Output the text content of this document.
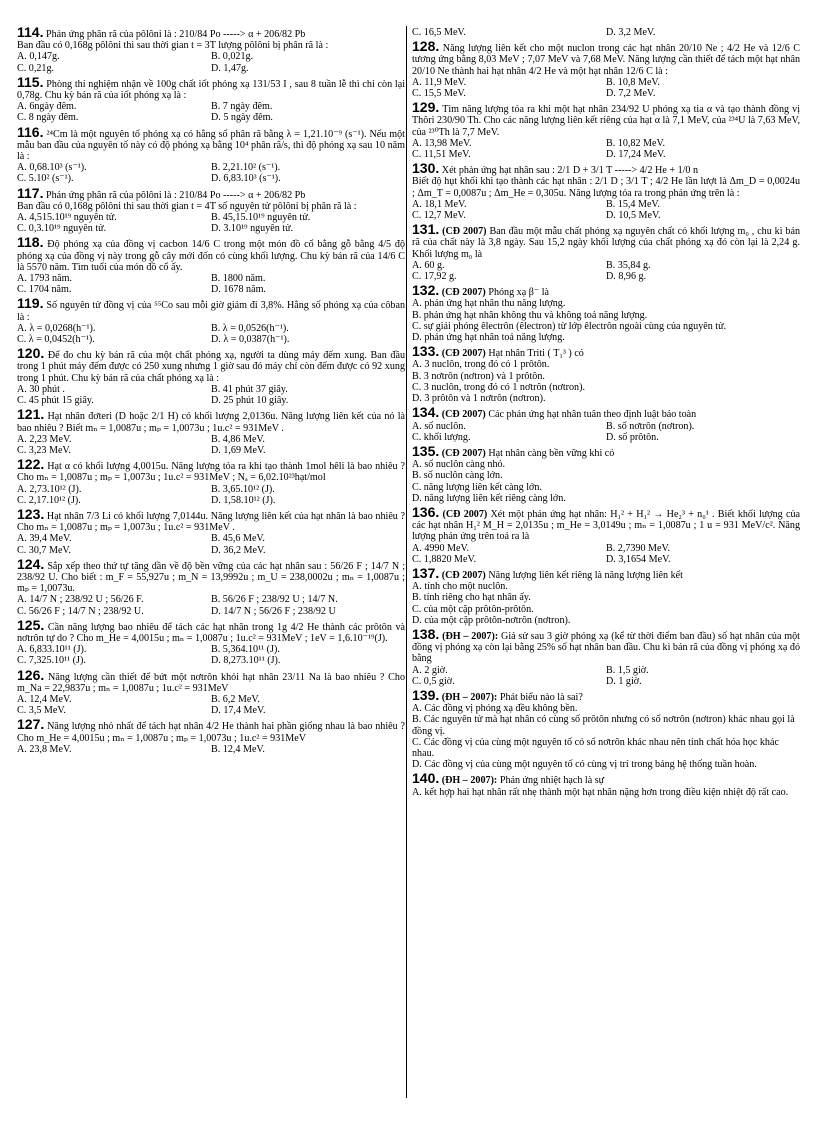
114. Phản ứng phân rã của pôlôni là : 210/84 Po -----> α + 206/82 Pb
Ban đầu có 0,168g pôlôni thì sau thời gian t = 3T lượng pôlôni bị phân rã là :
A. 0,147g.	B. 0,021g.
C. 0,21g.	D. 1,47g.
115. Phòng thí nghiệm nhận về 100g chất iốt phóng xạ 131/53 I , sau 8 tuần lễ thì chỉ còn lại 0,78g. Chu kỳ bán rã của iốt phóng xạ là :
A. 6ngày đêm.	B. 7 ngày đêm.
C. 8 ngày đêm.	D. 5 ngày đêm.
116. ²⁴Cm là một nguyên tố phóng xạ có hằng số phân rã bằng λ = 1,21.10⁻⁹ (s⁻¹). Nếu một mẫu ban đầu của nguyên tố này có độ phóng xạ bằng 10⁴ phân rã/s, thì độ phóng xạ sau 10 năm là :
A. 0,68.10³ (s⁻¹).	B. 2,21.10² (s⁻¹).
C. 5.10² (s⁻¹).	D. 6,83.10³ (s⁻¹).
117. Phản ứng phân rã của pôlôni là : 210/84 Po -----> α + 206/82 Pb
Ban đầu có 0,168g pôlôni thì sau thời gian t = 4T số nguyên tử pôlôni bị phân rã là :
A. 4,515.10¹⁹ nguyên tử.	B. 45,15.10¹⁹ nguyên tử.
C. 0,3.10¹⁹ nguyên tử.	D. 3.10¹⁹ nguyên tử.
118. Độ phóng xạ của đồng vị cacbon 14/6 C trong một món đồ cổ bằng gỗ bằng 4/5 độ phóng xạ của đồng vị này trong gỗ cây mới đốn có cùng khối lượng. Chu kỳ bán rã của 14/6 C là 5570 năm. Tìm tuổi của món đồ cổ ấy.
A. 1793 năm.	B. 1800 năm.
C. 1704 năm.	D. 1678 năm.
119. Số nguyên tử đồng vị của ⁵⁵Co sau mỗi giờ giảm đi 3,8%. Hằng số phóng xạ của côban là :
A. λ = 0,0268(h⁻¹).	B. λ = 0,0526(h⁻¹).
C. λ = 0,0452(h⁻¹).	D. λ = 0,0387(h⁻¹).
120. Để đo chu kỳ bán rã của một chất phóng xạ, người ta dùng máy đếm xung. Ban đầu trong 1 phút máy đếm được có 250 xung nhưng 1 giờ sau đó máy chỉ còn đếm được có 92 xung trong 1 phút. Chu kỳ bán rã của chất phóng xạ là :
A. 30 phút .	B. 41 phút 37 giây.
C. 45 phút 15 giây.	D. 25 phút 10 giây.
121. Hạt nhân đơteri (D hoặc 2/1 H) có khối lượng 2,0136u. Năng lượng liên kết của nó là bao nhiêu ? Biết mₙ = 1,0087u ; mₚ = 1,0073u ; 1u.c² = 931MeV .
A. 2,23 MeV.	B. 4,86 MeV.
C. 3,23 MeV.	D. 1,69 MeV.
122. Hạt α có khối lượng 4,0015u. Năng lượng tỏa ra khi tạo thành 1mol hêli là bao nhiêu ? Cho mₙ = 1,0087u ; mₚ = 1,0073u ; 1u.c² = 931MeV ; Nₐ = 6,02.10²³hạt/mol
A. 2,73.10¹² (J).	B. 3,65.10¹² (J).
C. 2,17.10¹² (J).	D. 1,58.10¹² (J).
123. Hạt nhân 7/3 Li có khối lượng 7,0144u. Năng lượng liên kết của hạt nhân là bao nhiêu ? Cho mₙ = 1,0087u ; mₚ = 1,0073u ; 1u.c² = 931MeV .
A. 39,4 MeV.	B. 45,6 MeV.
C. 30,7 MeV.	D. 36,2 MeV.
124. Sắp xếp theo thứ tự tăng dần về độ bền vững của các hạt nhân sau : 56/26 F ; 14/7 N ; 238/92 U. Cho biết : m_F = 55,927u ; m_N = 13,9992u ; m_U = 238,0002u ; mₙ = 1,0087u ; mₚ = 1,0073u.
A. 14/7 N ; 238/92 U ; 56/26 F.	B. 56/26 F ; 238/92 U ; 14/7 N.
C. 56/26 F ; 14/7 N ; 238/92 U.	D. 14/7 N ; 56/26 F ; 238/92 U
125. Cần năng lượng bao nhiêu để tách các hạt nhân trong 1g 4/2 He thành các prôtôn và nơtrôn tự do ? Cho m_He = 4,0015u ; mₙ = 1,0087u ; 1u.c² = 931MeV ; 1eV = 1,6.10⁻¹⁹(J).
A. 6,833.10¹¹ (J).	B. 5,364.10¹¹ (J).
C. 7,325.10¹¹ (J).	D. 8,273.10¹¹ (J).
126. Năng lượng cần thiết để bứt một nơtrôn khỏi hạt nhân 23/11 Na là bao nhiêu ? Cho m_Na = 22,9837u ; mₙ = 1,0087u ; 1u.c² = 931MeV
A. 12,4 MeV.	B. 6,2 MeV.
C. 3,5 MeV.	D. 17,4 MeV.
127. Năng lượng nhỏ nhất để tách hạt nhân 4/2 He thành hai phần giống nhau là bao nhiêu ? Cho m_He = 4,0015u ; mₙ = 1,0087u ; mₚ = 1,0073u ; 1u.c² = 931MeV
A. 23,8 MeV.	B. 12,4 MeV.
C. 16,5 MeV.	D. 3,2 MeV.
128. Năng lượng liên kết cho một nuclon trong các hạt nhân 20/10 Ne ; 4/2 He và 12/6 C tương ứng bằng 8,03 MeV ; 7,07 MeV và 7,68 MeV. Năng lượng cần thiết để tách một hạt nhân 20/10 Ne thành hai hạt nhân 4/2 He và một hạt nhân 12/6 C là :
A. 11,9 MeV.	B. 10,8 MeV.
C. 15,5 MeV.	D. 7,2 MeV.
129. Tìm năng lượng tỏa ra khi một hạt nhân 234/92 U phóng xạ tia α và tạo thành đồng vị Thôri 230/90 Th. Cho các năng lượng liên kết riêng của hạt α là 7,1 MeV, của ²³⁴U là 7,63 MeV, của ²³⁰Th là 7,7 MeV.
A. 13,98 MeV.	B. 10,82 MeV.
C. 11,51 MeV.	D. 17,24 MeV.
130. Xét phản ứng hạt nhân sau : 2/1 D + 3/1 T -----> 4/2 He + 1/0 n
Biết độ hụt khối khi tạo thành các hạt nhân : 2/1 D ; 3/1 T ; 4/2 He lần lượt là Δm_D = 0,0024u ; Δm_T = 0,0087u ; Δm_He = 0,305u. Năng lượng tỏa ra trong phản ứng trên là :
A. 18,1 MeV.	B. 15,4 MeV.
C. 12,7 MeV.	D. 10,5 MeV.
131. (CĐ 2007) Ban đầu một mẫu chất phóng xạ nguyên chất có khối lượng m₀ , chu kì bán rã của chất này là 3,8 ngày. Sau 15,2 ngày khối lượng của chất phóng xạ đó còn lại là 2,24 g. Khối lượng m₀ là
A. 60 g.	B. 35,84 g.
C. 17,92 g.	D. 8,96 g.
132. (CĐ 2007) Phóng xạ β⁻ là
A. phản ứng hạt nhân thu năng lượng.
B. phản ứng hạt nhân không thu và không toả năng lượng.
C. sự giải phóng êlectrôn (êlectron) từ lớp êlectrôn ngoài cùng của nguyên tử.
D. phản ứng hạt nhân toả năng lượng.
133. (CĐ 2007) Hạt nhân Triti ( T₁³ ) có
A. 3 nuclôn, trong đó có 1 prôtôn.
B. 3 nơtrôn (nơtron) và 1 prôtôn.
C. 3 nuclôn, trong đó có 1 nơtrôn (nơtron).
D. 3 prôtôn và 1 nơtrôn (nơtron).
134. (CĐ 2007) Các phản ứng hạt nhân tuân theo định luật bảo toàn
A. số nuclôn.	B. số nơtrôn (nơtron).
C. khối lượng.	D. số prôtôn.
135. (CĐ 2007) Hạt nhân càng bền vững khi có
A. số nuclôn càng nhỏ.
B. số nuclôn càng lớn.
C. năng lượng liên kết càng lớn.
D. năng lượng liên kết riêng càng lớn.
136. (CĐ 2007) Xét một phản ứng hạt nhân: H₁² + H₁² → He₂³ + n₀¹ . Biết khối lượng của các hạt nhân H₁² M_H = 2,0135u ; m_He = 3,0149u ; mₙ = 1,0087u ; 1 u = 931 MeV/c². Năng lượng phản ứng trên toả ra là
A. 4990 MeV.	B. 2,7390 MeV.
C. 1,8820 MeV.	D. 3,1654 MeV.
137. (CĐ 2007) Năng lượng liên kết riêng là năng lượng liên kết
A. tính cho một nuclôn.
B. tính riêng cho hạt nhân ấy.
C. của một cặp prôtôn-prôtôn.
D. của một cặp prôtôn-nơtrôn (nơtron).
138. (ĐH – 2007): Giả sử sau 3 giờ phóng xạ (kể từ thời điểm ban đầu) số hạt nhân của một đồng vị phóng xạ còn lại bằng 25% số hạt nhân ban đầu. Chu kì bán rã của đồng vị phóng xạ đó bằng
A. 2 giờ.	B. 1,5 giờ.
C. 0,5 giờ.	D. 1 giờ.
139. (ĐH – 2007): Phát biểu nào là sai?
A. Các đồng vị phóng xạ đều không bền.
B. Các nguyên tử mà hạt nhân có cùng số prôtôn nhưng có số nơtrôn (nơtron) khác nhau gọi là đồng vị.
C. Các đồng vị của cùng một nguyên tố có số nơtrôn khác nhau nên tính chất hóa học khác nhau.
D. Các đồng vị của cùng một nguyên tố có cùng vị trí trong bảng hệ thống tuần hoàn.
140. (ĐH – 2007): Phản ứng nhiệt hạch là sự
A. kết hợp hai hạt nhân rất nhẹ thành một hạt nhân nặng hơn trong điều kiện nhiệt độ rất cao.
